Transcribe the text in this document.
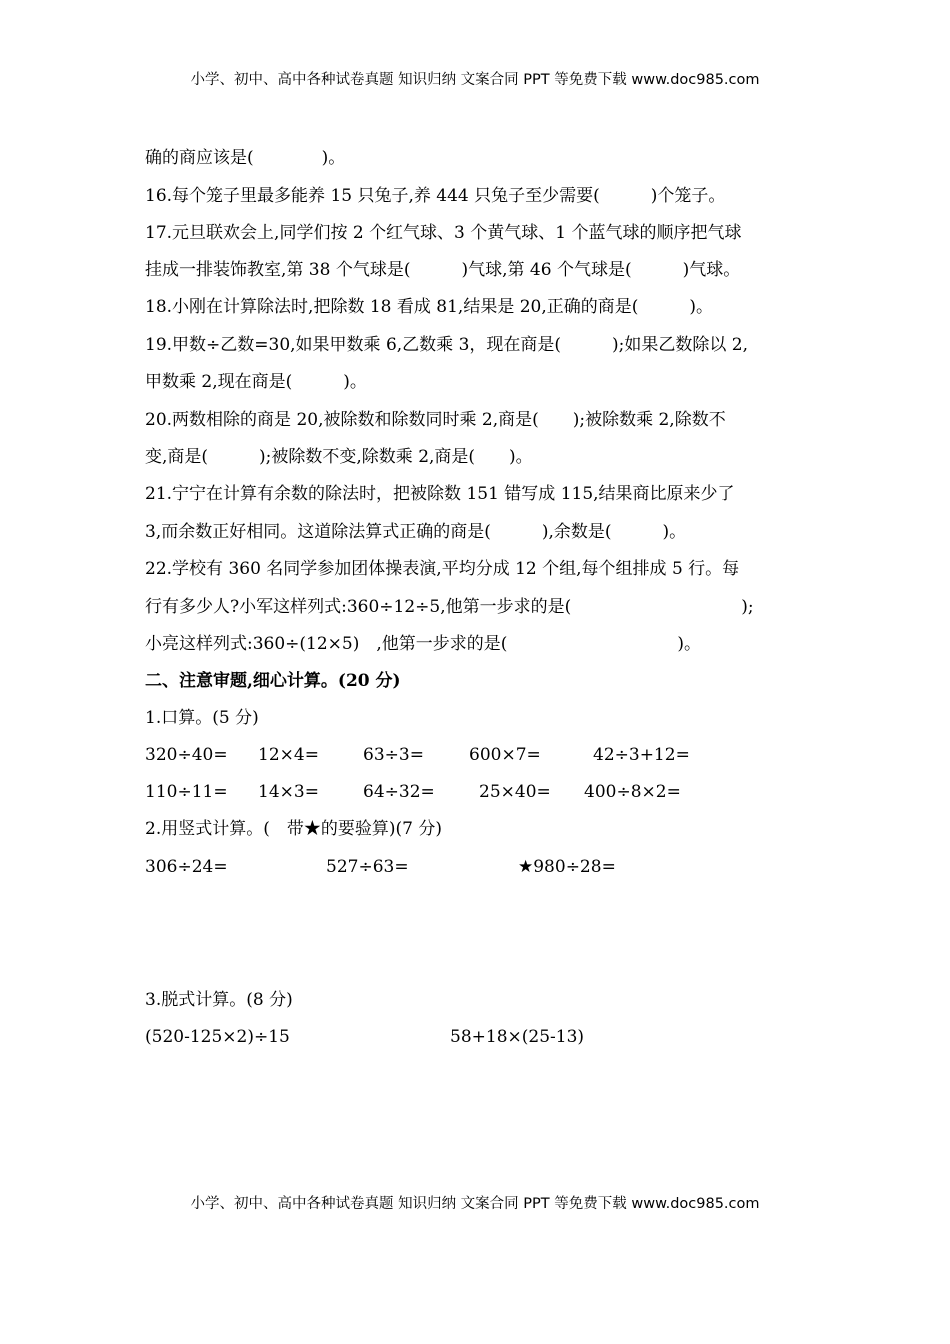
小学、初中、高中各种试卷真题 知识归纳 文案合同 PPT 等免费下载 www.doc985.com
确的商应该是(　　　　)。
16.每个笼子里最多能养 15 只兔子,养 444 只兔子至少需要(　　　)个笼子。
17.元旦联欢会上,同学们按 2 个红气球、3 个黄气球、1 个蓝气球的顺序把气球
挂成一排装饰教室,第 38 个气球是(　　　)气球,第 46 个气球是(　　　)气球。
18.小刚在计算除法时,把除数 18 看成 81,结果是 20,正确的商是(　　　)。
19.甲数÷乙数=30,如果甲数乘 6,乙数乘 3，现在商是(　　　);如果乙数除以 2,
甲数乘 2,现在商是(　　　)。
20.两数相除的商是 20,被除数和除数同时乘 2,商是(　　);被除数乘 2,除数不
变,商是(　　　);被除数不变,除数乘 2,商是(　　)。
21.宁宁在计算有余数的除法时，把被除数 151 错写成 115,结果商比原来少了
3,而余数正好相同。这道除法算式正确的商是(　　　),余数是(　　　)。
22.学校有 360 名同学参加团体操表演,平均分成 12 个组,每个组排成 5 行。每
行有多少人?小军这样列式:360÷12÷5,他第一步求的是(　　　　　　　　　　);
小亮这样列式:360÷(12×5)　,他第一步求的是(　　　　　　　　　　)。
二、注意审题,细心计算。(20 分)
1.口算。(5 分)
320÷40= 12×4=	63÷3=	600×7=	42÷3+12=
110÷11= 14×3=	64÷32=	25×40= 400÷8×2=
2.用竖式计算。(　带★的要验算)(7 分)
306÷24=	527÷63=	★980÷28=
3.脱式计算。(8 分)
(520-125×2)÷15	58+18×(25-13)
小学、初中、高中各种试卷真题 知识归纳 文案合同 PPT 等免费下载 www.doc985.com
